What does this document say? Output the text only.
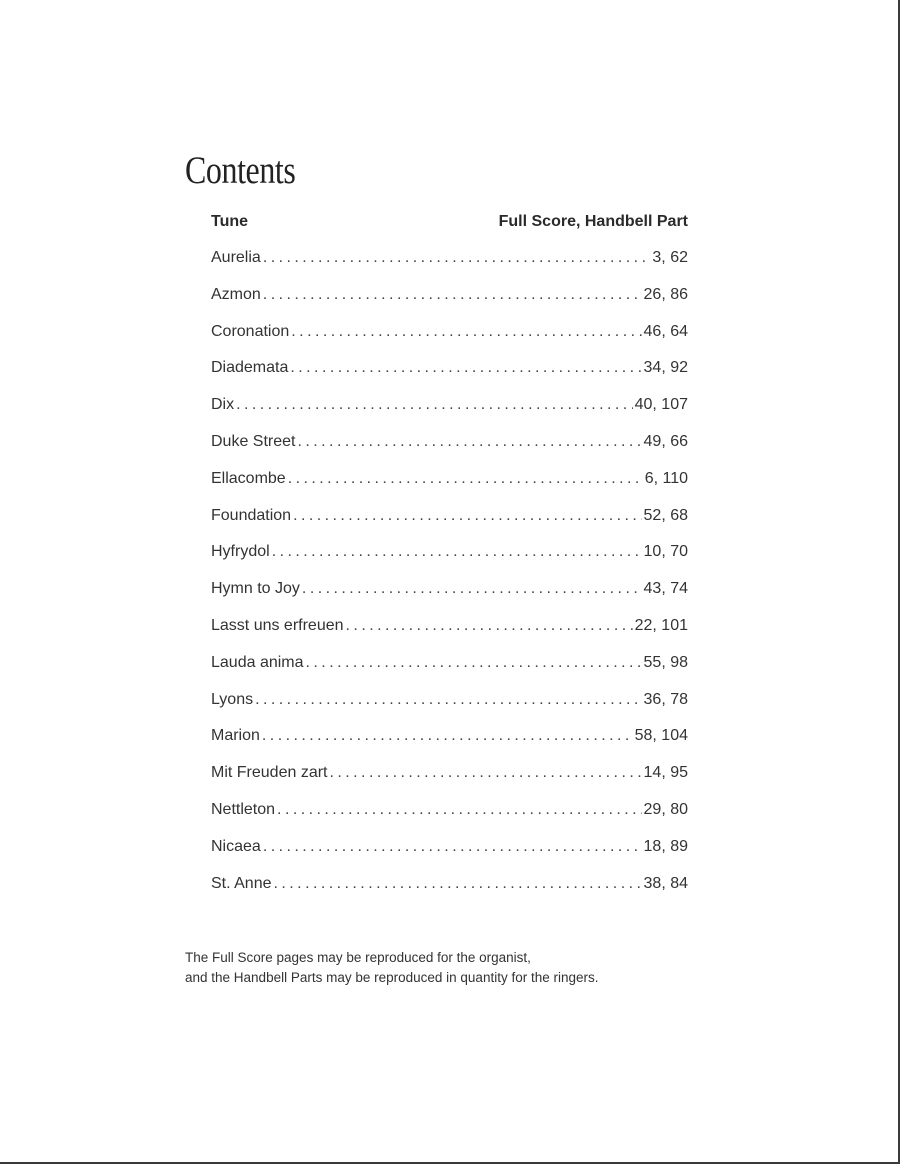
Contents
Tune	Full Score, Handbell Part
Aurelia . . .	3, 62
Azmon . . .	26, 86
Coronation . . .	46, 64
Diademata . . .	34, 92
Dix . . .	40, 107
Duke Street . . .	49, 66
Ellacombe . . .	6, 110
Foundation . . .	52, 68
Hyfrydol . . .	10, 70
Hymn to Joy . . .	43, 74
Lasst uns erfreuen . . .	22, 101
Lauda anima . . .	55, 98
Lyons . . .	36, 78
Marion . . .	58, 104
Mit Freuden zart . . .	14, 95
Nettleton . . .	29, 80
Nicaea . . .	18, 89
St. Anne . . .	38, 84
The Full Score pages may be reproduced for the organist,
and the Handbell Parts may be reproduced in quantity for the ringers.
